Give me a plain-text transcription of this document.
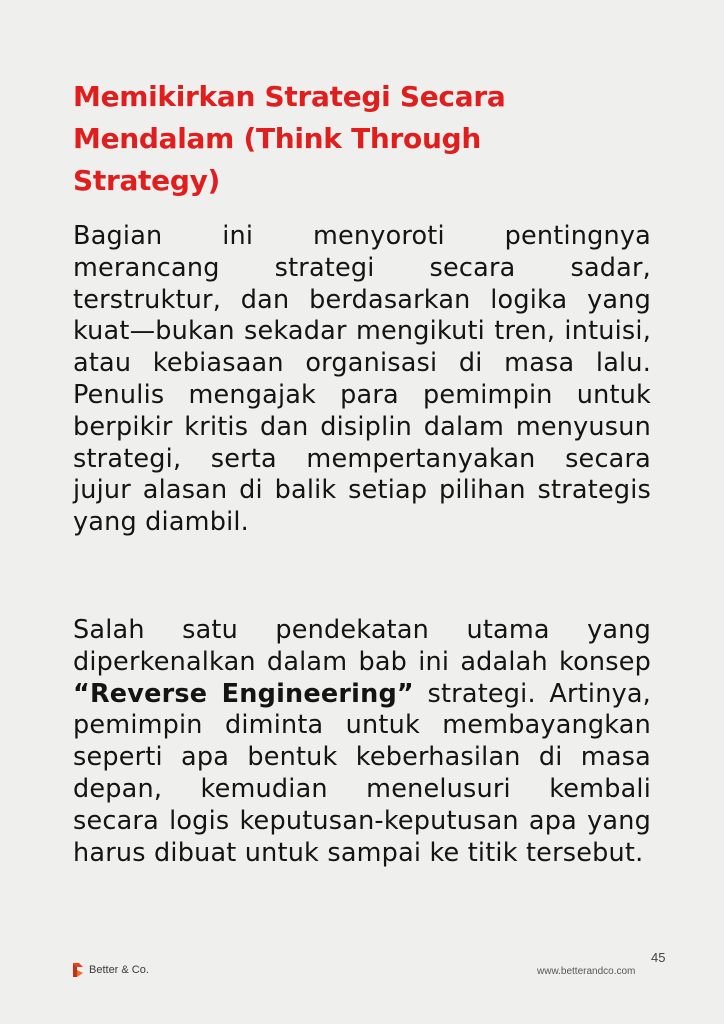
Memikirkan Strategi Secara Mendalam (Think Through Strategy)

Bagian ini menyoroti pentingnya merancang strategi secara sadar, terstruktur, dan berdasarkan logika yang kuat—bukan sekadar mengikuti tren, intuisi, atau kebiasaan organisasi di masa lalu. Penulis mengajak para pemimpin untuk berpikir kritis dan disiplin dalam menyusun strategi, serta mempertanyakan secara jujur alasan di balik setiap pilihan strategis yang diambil.

Salah satu pendekatan utama yang diperkenalkan dalam bab ini adalah konsep “Reverse Engineering” strategi. Artinya, pemimpin diminta untuk membayangkan seperti apa bentuk keberhasilan di masa depan, kemudian menelusuri kembali secara logis keputusan-keputusan apa yang harus dibuat untuk sampai ke titik tersebut.

Better & Co.
45
www.betterandco.com
